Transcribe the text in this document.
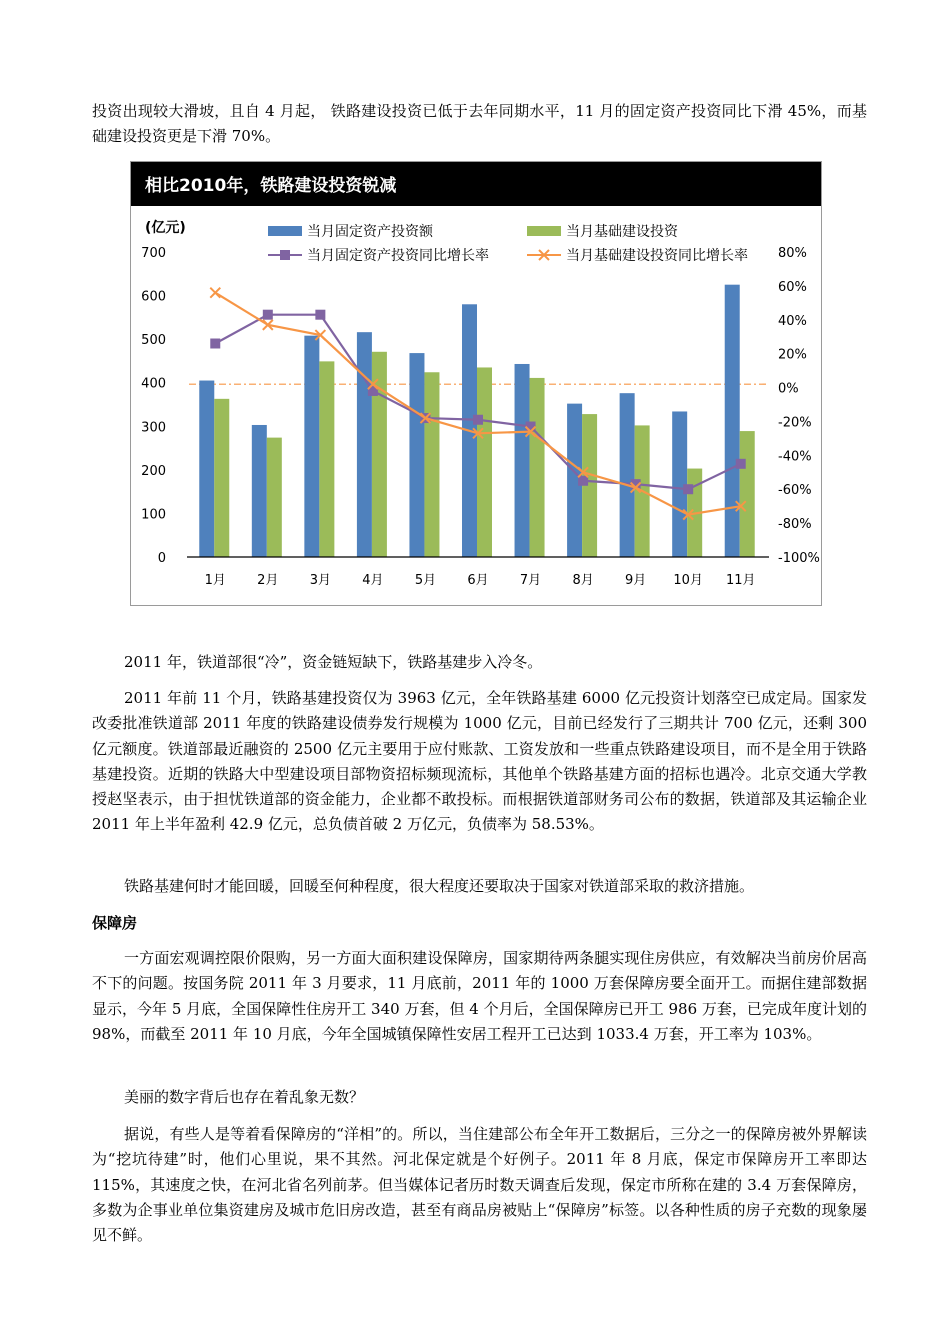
投资出现较大滑坡，且自 4 月起， 铁路建设投资已低于去年同期水平，11 月的固定资产投资同比下滑 45%，而基础建设投资更是下滑 70%。

相比2010年，铁路建设投资锐减
(亿元)
700
600
500
400
300
200
100
0
80%
60%
40%
20%
0%
-20%
-40%
-60%
-80%
-100%
1月 2月 3月 4月 5月 6月 7月 8月 9月 10月 11月
当月固定资产投资额	当月基础建设投资
当月固定资产投资同比增长率	当月基础建设投资同比增长率

2011 年，铁道部很“冷”，资金链短缺下，铁路基建步入冷冬。

2011 年前 11 个月，铁路基建投资仅为 3963 亿元，全年铁路基建 6000 亿元投资计划落空已成定局。国家发改委批准铁道部 2011 年度的铁路建设债券发行规模为 1000 亿元，目前已经发行了三期共计 700 亿元，还剩 300 亿元额度。铁道部最近融资的 2500 亿元主要用于应付账款、工资发放和一些重点铁路建设项目，而不是全用于铁路基建投资。近期的铁路大中型建设项目部物资招标频现流标，其他单个铁路基建方面的招标也遇冷。北京交通大学教授赵坚表示，由于担忧铁道部的资金能力，企业都不敢投标。而根据铁道部财务司公布的数据，铁道部及其运输企业 2011 年上半年盈利 42.9 亿元，总负债首破 2 万亿元，负债率为 58.53%。

铁路基建何时才能回暖，回暖至何种程度，很大程度还要取决于国家对铁道部采取的救济措施。

保障房

一方面宏观调控限价限购，另一方面大面积建设保障房，国家期待两条腿实现住房供应，有效解决当前房价居高不下的问题。按国务院 2011 年 3 月要求，11 月底前，2011 年的 1000 万套保障房要全面开工。而据住建部数据显示，今年 5 月底，全国保障性住房开工 340 万套，但 4 个月后，全国保障房已开工 986 万套，已完成年度计划的 98%，而截至 2011 年 10 月底，今年全国城镇保障性安居工程开工已达到 1033.4 万套，开工率为 103%。

美丽的数字背后也存在着乱象无数？

据说，有些人是等着看保障房的“洋相”的。所以，当住建部公布全年开工数据后，三分之一的保障房被外界解读为“挖坑待建”时，他们心里说，果不其然。河北保定就是个好例子。2011 年 8 月底，保定市保障房开工率即达 115%，其速度之快，在河北省名列前茅。但当媒体记者历时数天调查后发现，保定市所称在建的 3.4 万套保障房，多数为企事业单位集资建房及城市危旧房改造，甚至有商品房被贴上“保障房”标签。以各种性质的房子充数的现象屡见不鲜。
